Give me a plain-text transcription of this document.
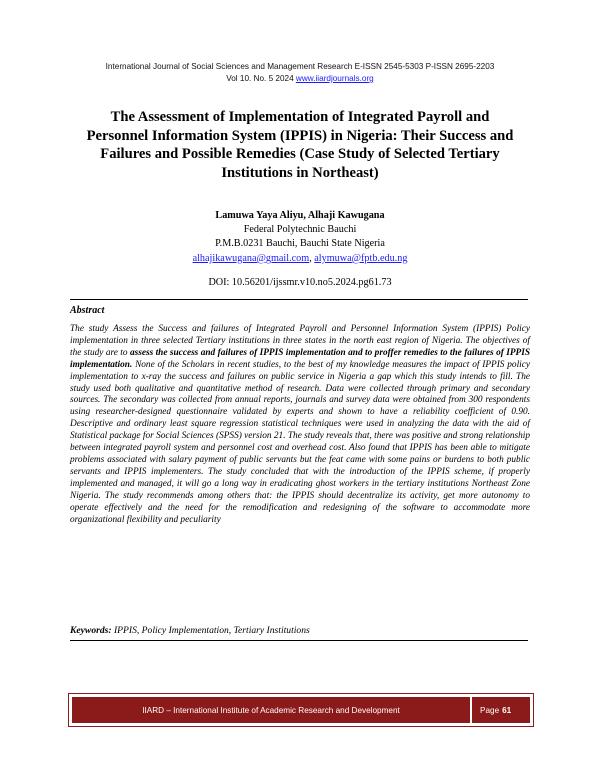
International Journal of Social Sciences and Management Research E-ISSN 2545-5303 P-ISSN 2695-2203
Vol 10. No. 5 2024 www.iiardjournals.org
The Assessment of Implementation of Integrated Payroll and Personnel Information System (IPPIS) in Nigeria: Their Success and Failures and Possible Remedies (Case Study of Selected Tertiary Institutions in Northeast)
Lamuwa Yaya Aliyu, Alhaji Kawugana
Federal Polytechnic Bauchi
P.M.B.0231 Bauchi, Bauchi State Nigeria
alhajikawugana@gmail.com, alymuwa@fptb.edu.ng
DOI: 10.56201/ijssmr.v10.no5.2024.pg61.73
Abstract
The study Assess the Success and failures of Integrated Payroll and Personnel Information System (IPPIS) Policy implementation in three selected Tertiary institutions in three states in the north east region of Nigeria. The objectives of the study are to assess the success and failures of IPPIS implementation and to proffer remedies to the failures of IPPIS implementation. None of the Scholars in recent studies, to the best of my knowledge measures the impact of IPPIS policy implementation to x-ray the success and failures on public service in Nigeria a gap which this study intends to fill. The study used both qualitative and quantitative method of research. Data were collected through primary and secondary sources. The secondary was collected from annual reports, journals and survey data were obtained from 300 respondents using researcher-designed questionnaire validated by experts and shown to have a reliability coefficient of 0.90. Descriptive and ordinary least square regression statistical techniques were used in analyzing the data with the aid of Statistical package for Social Sciences (SPSS) version 21. The study reveals that, there was positive and strong relationship between integrated payroll system and personnel cost and overhead cost. Also found that IPPIS has been able to mitigate problems associated with salary payment of public servants but the feat came with some pains or burdens to both public servants and IPPIS implementers. The study concluded that with the introduction of the IPPIS scheme, if properly implemented and managed, it will go a long way in eradicating ghost workers in the tertiary institutions Northeast Zone Nigeria. The study recommends among others that: the IPPIS should decentralize its activity, get more autonomy to operate effectively and the need for the remodification and redesigning of the software to accommodate more organizational flexibility and peculiarity
Keywords: IPPIS, Policy Implementation, Tertiary Institutions
IIARD – International Institute of Academic Research and Development	Page 61
